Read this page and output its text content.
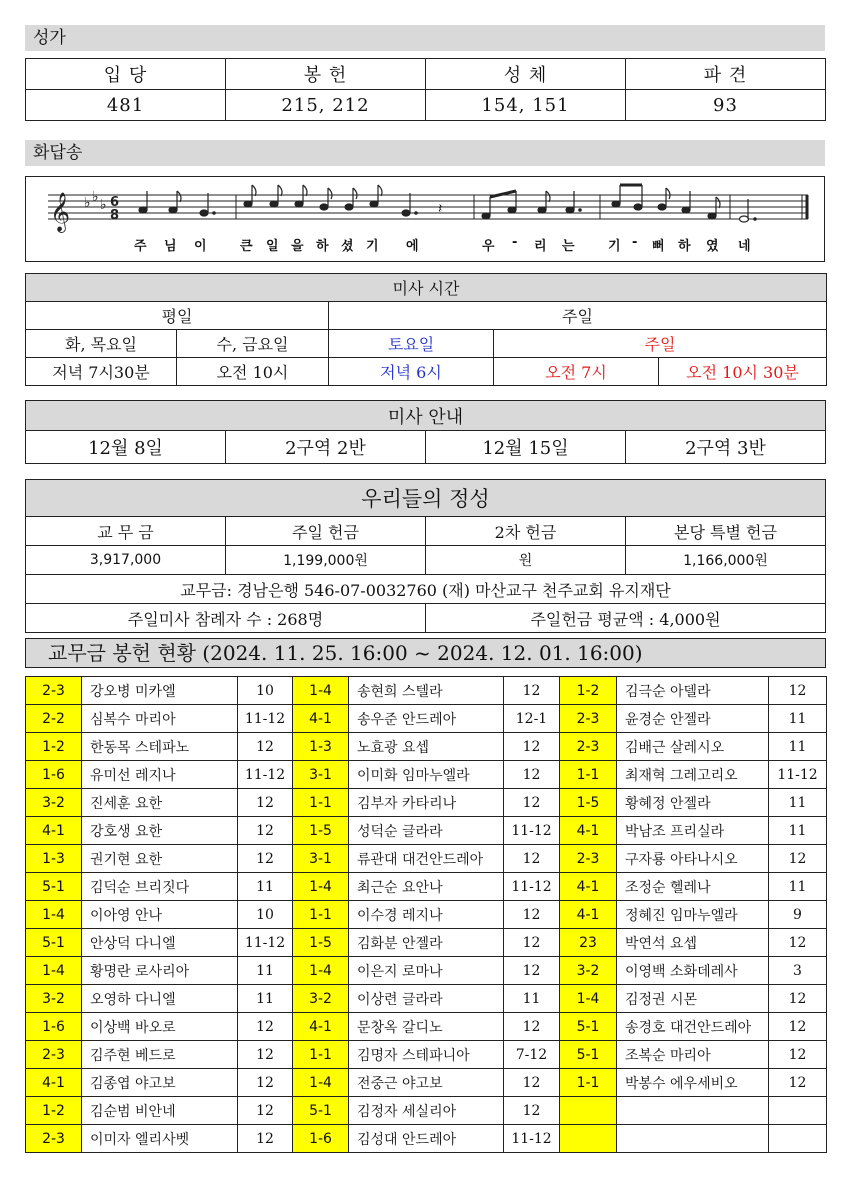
성가
입 당	봉 헌	성 체	파 견
481	215, 212	154, 151	93
화답송
𝄞 ♭ ♭ ♭ 6
8	𝄽
주 님 이	큰 일 을 하 셨 기 에	우 - 리 는	기 - 뻐 하 였 네
미사 시간				
평일		주일		
화, 목요일	수, 금요일	토요일	주일	
저녁 7시30분	오전 10시	저녁 6시	오전 7시	오전 10시 30분
미사 안내
12월 8일	2구역 2반	12월 15일	2구역 3반
우리들의 정성			
교 무 금	주일 헌금	2차 헌금	본당 특별 헌금
3,917,000	1,199,000원	원	1,166,000원
교무금: 경남은행 546-07-0032760 (재) 마산교구 천주교회 유지재단			
주일미사 참례자 수 : 268명		주일헌금 평균액 : 4,000원	
교무금 봉헌 현황 (2024. 11. 25. 16:00 ~ 2024. 12. 01. 16:00)
2-3	강오병 미카엘	10	1-4	송현희 스텔라	12	1-2	김극순 아델라	12
2-2	심복수 마리아	11-12	4-1	송우준 안드레아	12-1	2-3	윤경순 안젤라	11
1-2	한동목 스테파노	12	1-3	노효광 요셉	12	2-3	김배근 살레시오	11
1-6	유미선 레지나	11-12	3-1	이미화 임마누엘라	12	1-1	최재혁 그레고리오	11-12
3-2	진세훈 요한	12	1-1	김부자 카타리나	12	1-5	황혜정 안젤라	11
4-1	강호생 요한	12	1-5	성덕순 글라라	11-12	4-1	박남조 프리실라	11
1-3	권기현 요한	12	3-1	류관대 대건안드레아	12	2-3	구자룡 아타나시오	12
5-1	김덕순 브리짓다	11	1-4	최근순 요안나	11-12	4-1	조정순 헬레나	11
1-4	이아영 안나	10	1-1	이수경 레지나	12	4-1	정혜진 임마누엘라	9
5-1	안상덕 다니엘	11-12	1-5	김화분 안젤라	12	23	박연석 요셉	12
1-4	황명란 로사리아	11	1-4	이은지 로마나	12	3-2	이영백 소화데레사	3
3-2	오영하 다니엘	11	3-2	이상련 글라라	11	1-4	김정권 시몬	12
1-6	이상백 바오로	12	4-1	문창옥 갈디노	12	5-1	송경호 대건안드레아	12
2-3	김주현 베드로	12	1-1	김명자 스테파니아	7-12	5-1	조복순 마리아	12
4-1	김종엽 야고보	12	1-4	전중근 야고보	12	1-1	박봉수 에우세비오	12
1-2	김순범 비안네	12	5-1	김정자 세실리아	12			
2-3	이미자 엘리사벳	12	1-6	김성대 안드레아	11-12			
